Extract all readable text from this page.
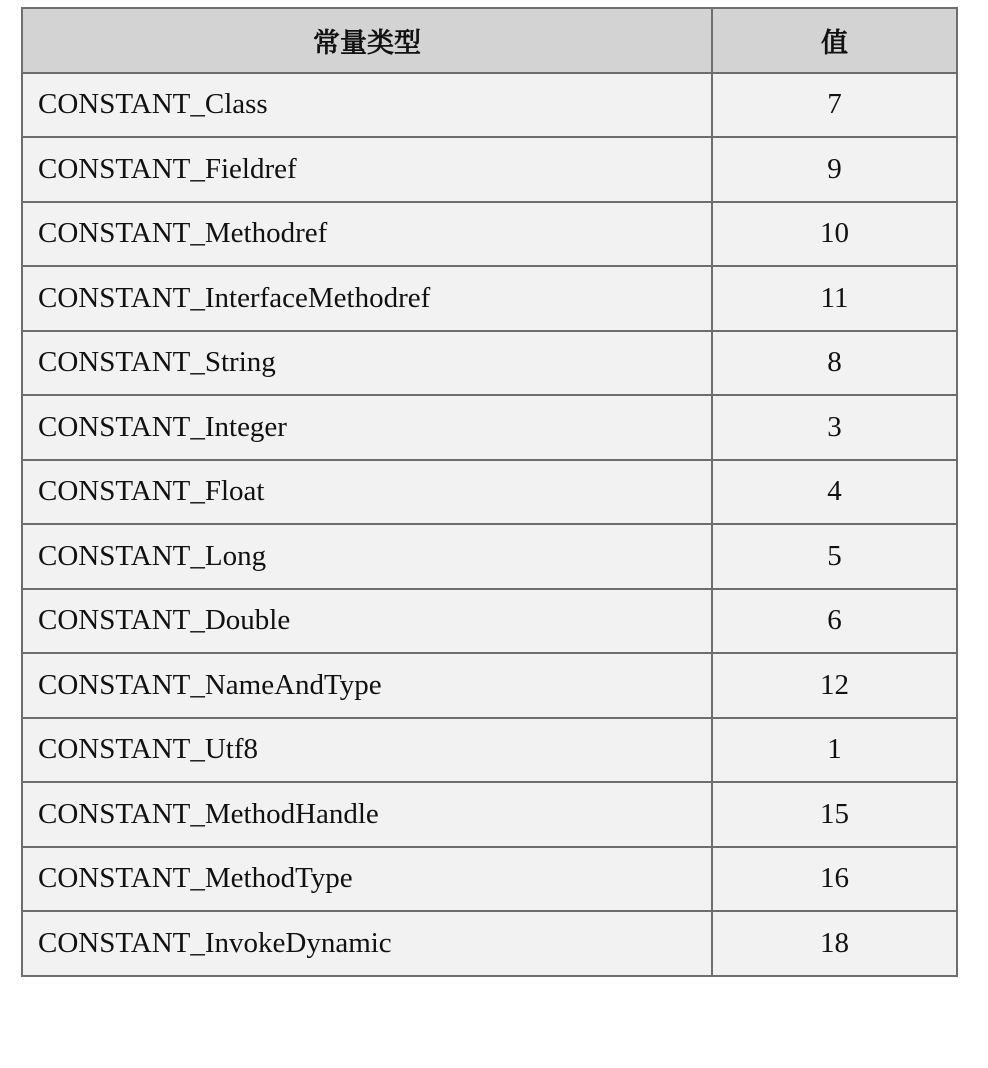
常量类型	值
CONSTANT_Class	7
CONSTANT_Fieldref	9
CONSTANT_Methodref	10
CONSTANT_InterfaceMethodref	11
CONSTANT_String	8
CONSTANT_Integer	3
CONSTANT_Float	4
CONSTANT_Long	5
CONSTANT_Double	6
CONSTANT_NameAndType	12
CONSTANT_Utf8	1
CONSTANT_MethodHandle	15
CONSTANT_MethodType	16
CONSTANT_InvokeDynamic	18
